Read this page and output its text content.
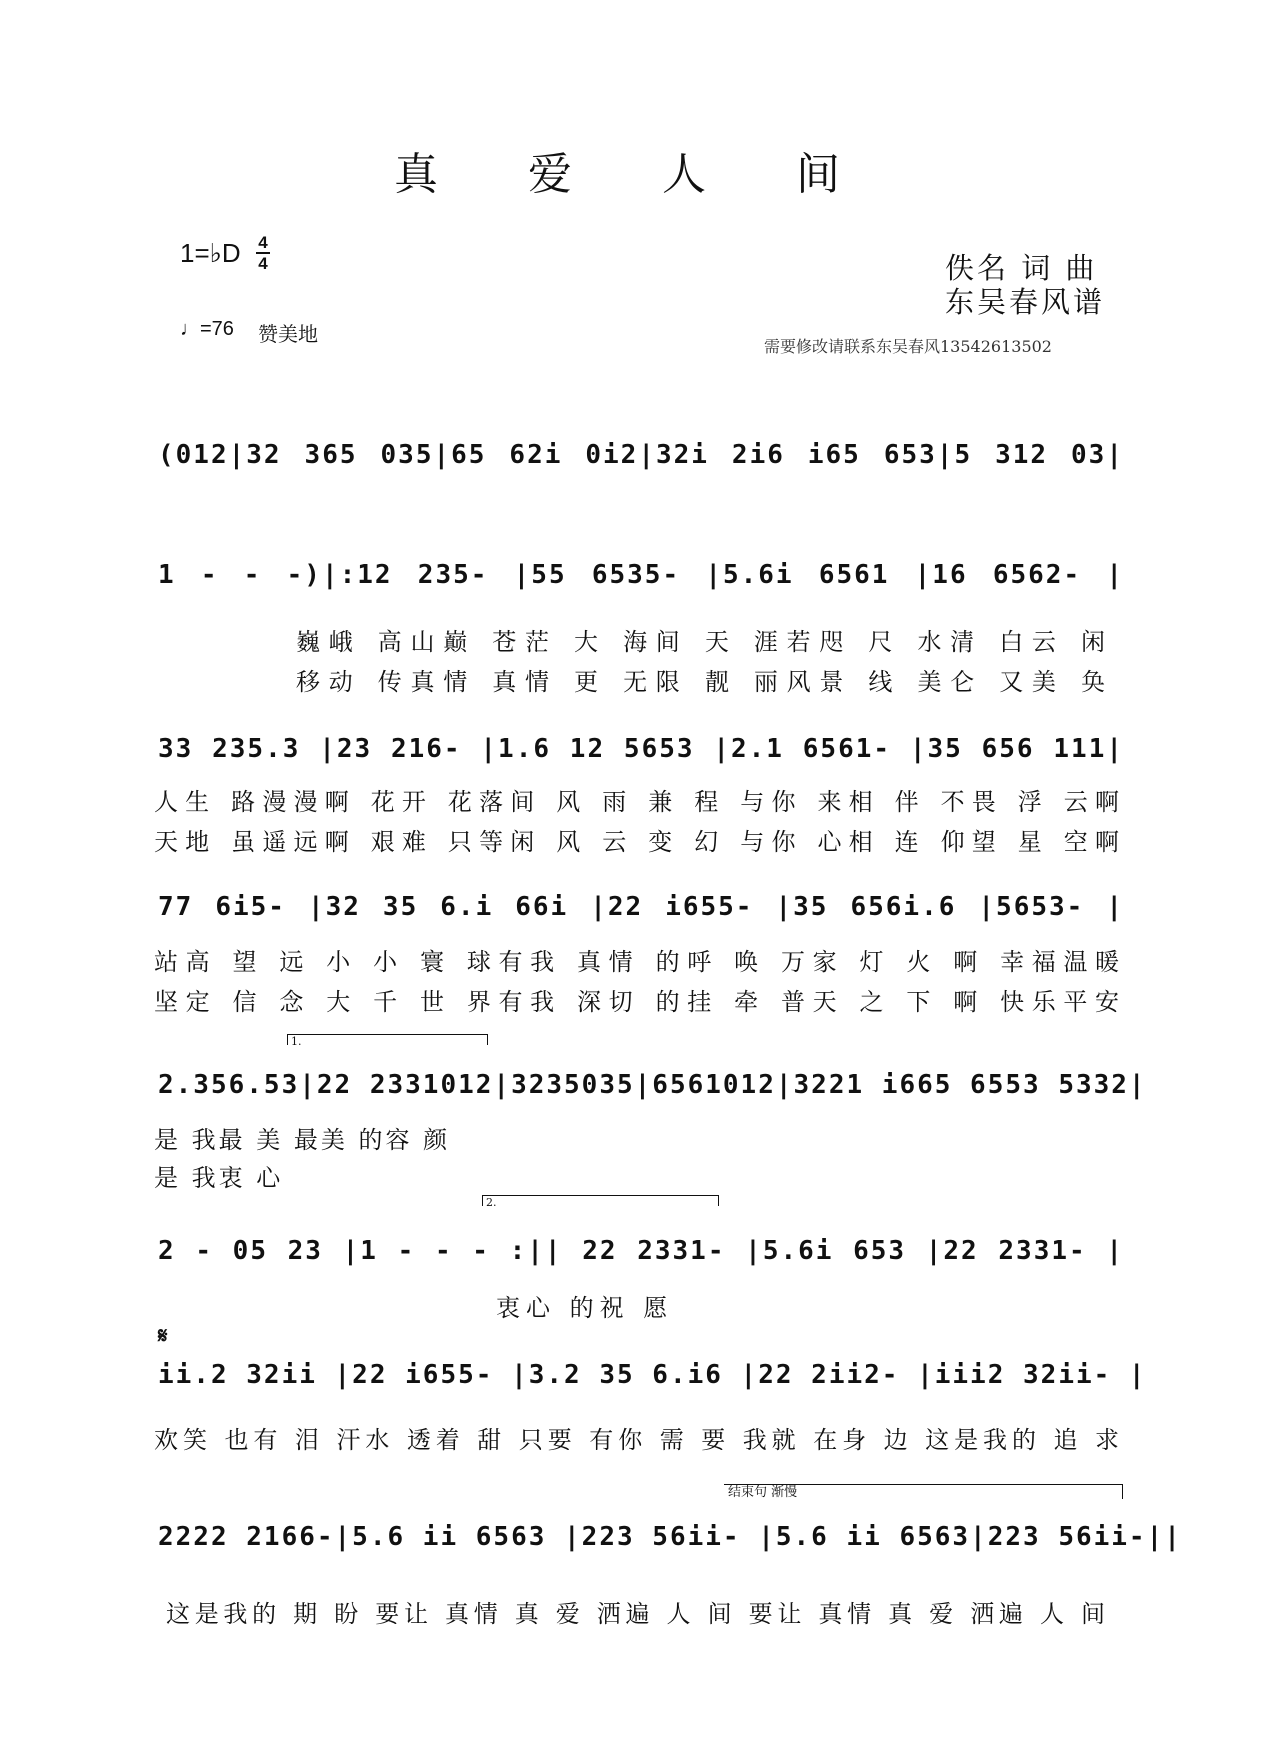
真 爱 人 间
1=♭D 4
4
♩=76 赞美地
佚名 词 曲
东吴春风谱
需要修改请联系东吴春风13542613502
(012|32 365 035|65 62i 0i2|32i 2i6 i65 653|5 312 03|
1 - - -)|:12 235- |55 6535- |5.6i 6561 |16 6562- |
巍峨 高山巅 苍茫 大 海间 天 涯若咫 尺 水清 白云 闲
移动 传真情 真情 更 无限 靓 丽风景 线 美仑 又美 奂
33 235.3 |23 216- |1.6 12 5653 |2.1 6561- |35 656 111|
人生 路漫漫啊 花开 花落间 风 雨 兼 程 与你 来相 伴 不畏 浮 云啊
天地 虽遥远啊 艰难 只等闲 风 云 变 幻 与你 心相 连 仰望 星 空啊
77 6i5- |32 35 6.i 66i |22 i655- |35 656i.6 |5653- |
站高 望 远 小 小 寰 球有我 真情 的呼 唤 万家 灯 火 啊 幸福温暖
坚定 信 念 大 千 世 界有我 深切 的挂 牵 普天 之 下 啊 快乐平安
1.
2.356.53|22 2331012|3235035|6561012|3221 i665 6553 5332|
是 我最 美 最美 的容 颜
是 我衷 心
2.
2 - 05 23 |1 - - - :|| 22 2331- |5.6i 653 |22 2331- |
衷心 的祝 愿
𝄋
ii.2 32ii |22 i655- |3.2 35 6.i6 |22 2ii2- |iii2 32ii- |
欢笑 也有 泪 汗水 透着 甜 只要 有你 需 要 我就 在身 边 这是我的 追 求
结束句 渐慢
2222 2166-|5.6 ii 6563 |223 56ii- |5.6 ii 6563|223 56ii-||
这是我的 期 盼 要让 真情 真 爱 洒遍 人 间 要让 真情 真 爱 洒遍 人 间
